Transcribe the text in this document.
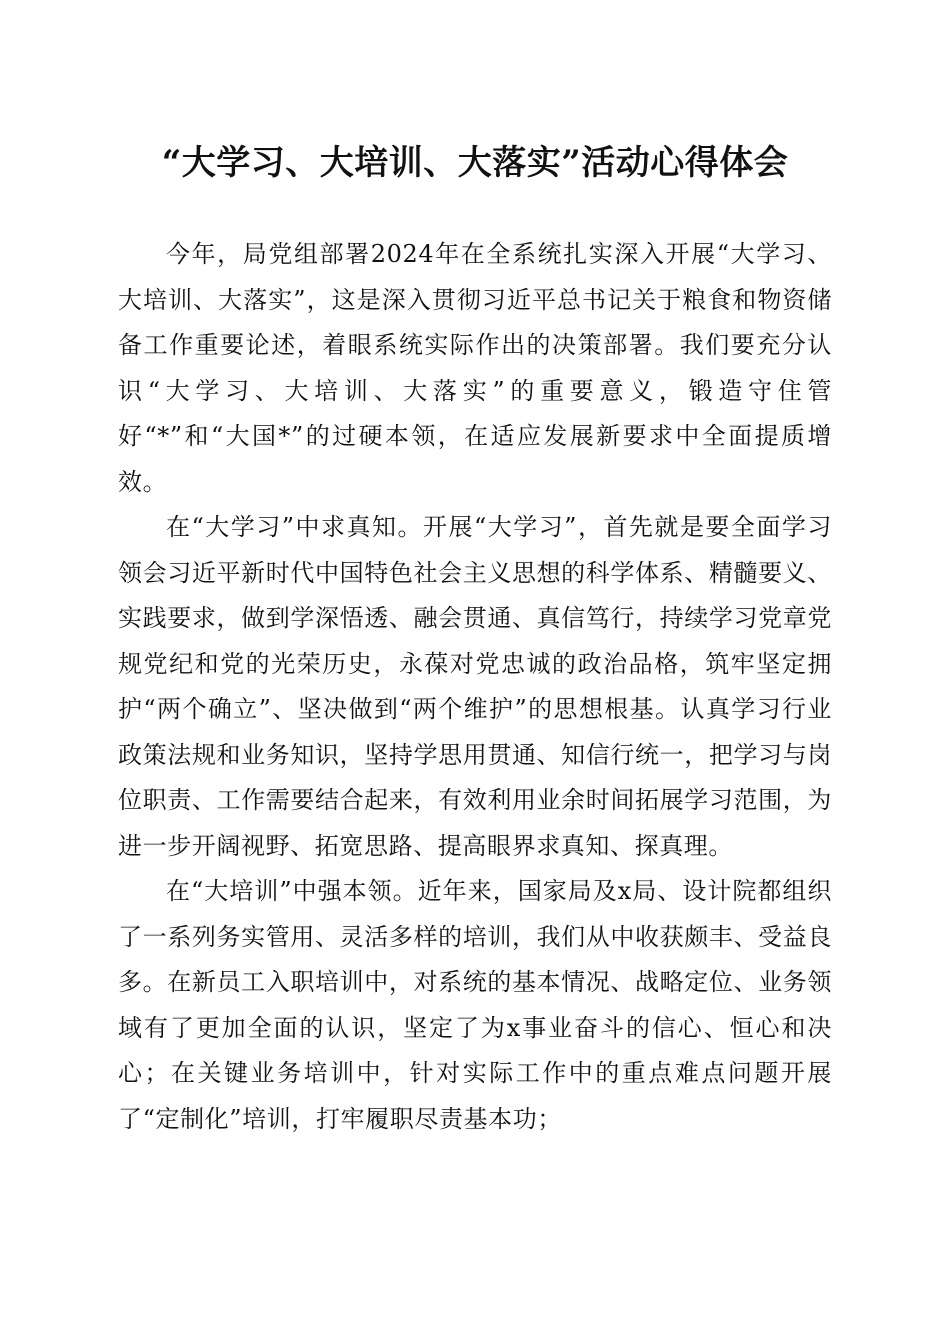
“大学习、大培训、大落实”活动心得体会

今年，局党组部署2024年在全系统扎实深入开展“大学习、大培训、大落实”，这是深入贯彻习近平总书记关于粮食和物资储备工作重要论述，着眼系统实际作出的决策部署。我们要充分认识“大学习、大培训、大落实”的重要意义，锻造守住管好“*”和“大国*”的过硬本领，在适应发展新要求中全面提质增效。

在“大学习”中求真知。开展“大学习”，首先就是要全面学习领会习近平新时代中国特色社会主义思想的科学体系、精髓要义、实践要求，做到学深悟透、融会贯通、真信笃行，持续学习党章党规党纪和党的光荣历史，永葆对党忠诚的政治品格，筑牢坚定拥护“两个确立”、坚决做到“两个维护”的思想根基。认真学习行业政策法规和业务知识，坚持学思用贯通、知信行统一，把学习与岗位职责、工作需要结合起来，有效利用业余时间拓展学习范围，为进一步开阔视野、拓宽思路、提高眼界求真知、探真理。

在“大培训”中强本领。近年来，国家局及x局、设计院都组织了一系列务实管用、灵活多样的培训，我们从中收获颇丰、受益良多。在新员工入职培训中，对系统的基本情况、战略定位、业务领域有了更加全面的认识，坚定了为x事业奋斗的信心、恒心和决心；在关键业务培训中，针对实际工作中的重点难点问题开展了“定制化”培训，打牢履职尽责基本功；
